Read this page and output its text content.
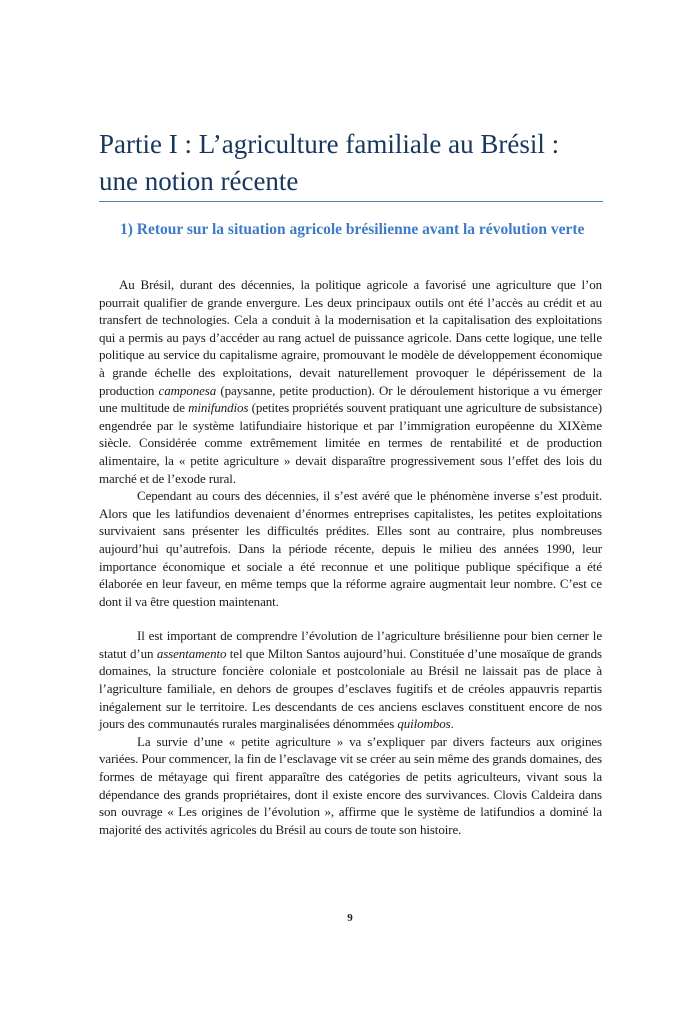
Partie I : L’agriculture familiale au Brésil : une notion récente
1) Retour sur la situation agricole brésilienne avant la révolution verte

Au Brésil, durant des décennies, la politique agricole a favorisé une agriculture que l’on pourrait qualifier de grande envergure. Les deux principaux outils ont été l’accès au crédit et au transfert de technologies. Cela a conduit à la modernisation et la capitalisation des exploitations qui a permis au pays d’accéder au rang actuel de puissance agricole. Dans cette logique, une telle politique au service du capitalisme agraire, promouvant le modèle de développement économique à grande échelle des exploitations, devait naturellement provoquer le dépérissement de la production camponesa (paysanne, petite production). Or le déroulement historique a vu émerger une multitude de minifundios (petites propriétés souvent pratiquant une agriculture de subsistance) engendrée par le système latifundiaire historique et par l’immigration européenne du XIXème siècle. Considérée comme extrêmement limitée en termes de rentabilité et de production alimentaire, la « petite agriculture » devait disparaître progressivement sous l’effet des lois du marché et de l’exode rural.

Cependant au cours des décennies, il s’est avéré que le phénomène inverse s’est produit. Alors que les latifundios devenaient d’énormes entreprises capitalistes, les petites exploitations survivaient sans présenter les difficultés prédites. Elles sont au contraire, plus nombreuses aujourd’hui qu’autrefois. Dans la période récente, depuis le milieu des années 1990, leur importance économique et sociale a été reconnue et une politique publique spécifique a été élaborée en leur faveur, en même temps que la réforme agraire augmentait leur nombre. C’est ce dont il va être question maintenant.

Il est important de comprendre l’évolution de l’agriculture brésilienne pour bien cerner le statut d’un assentamento tel que Milton Santos aujourd’hui. Constituée d’une mosaïque de grands domaines, la structure foncière coloniale et postcoloniale au Brésil ne laissait pas de place à l’agriculture familiale, en dehors de groupes d’esclaves fugitifs et de créoles appauvris repartis inégalement sur le territoire. Les descendants de ces anciens esclaves constituent encore de nos jours des communautés rurales marginalisées dénommées quilombos.

La survie d’une « petite agriculture » va s’expliquer par divers facteurs aux origines variées. Pour commencer, la fin de l’esclavage vit se créer au sein même des grands domaines, des formes de métayage qui firent apparaître des catégories de petits agriculteurs, vivant sous la dépendance des grands propriétaires, dont il existe encore des survivances. Clovis Caldeira dans son ouvrage « Les origines de l’évolution », affirme que le système de latifundios a dominé la majorité des activités agricoles du Brésil au cours de toute son histoire.

9
